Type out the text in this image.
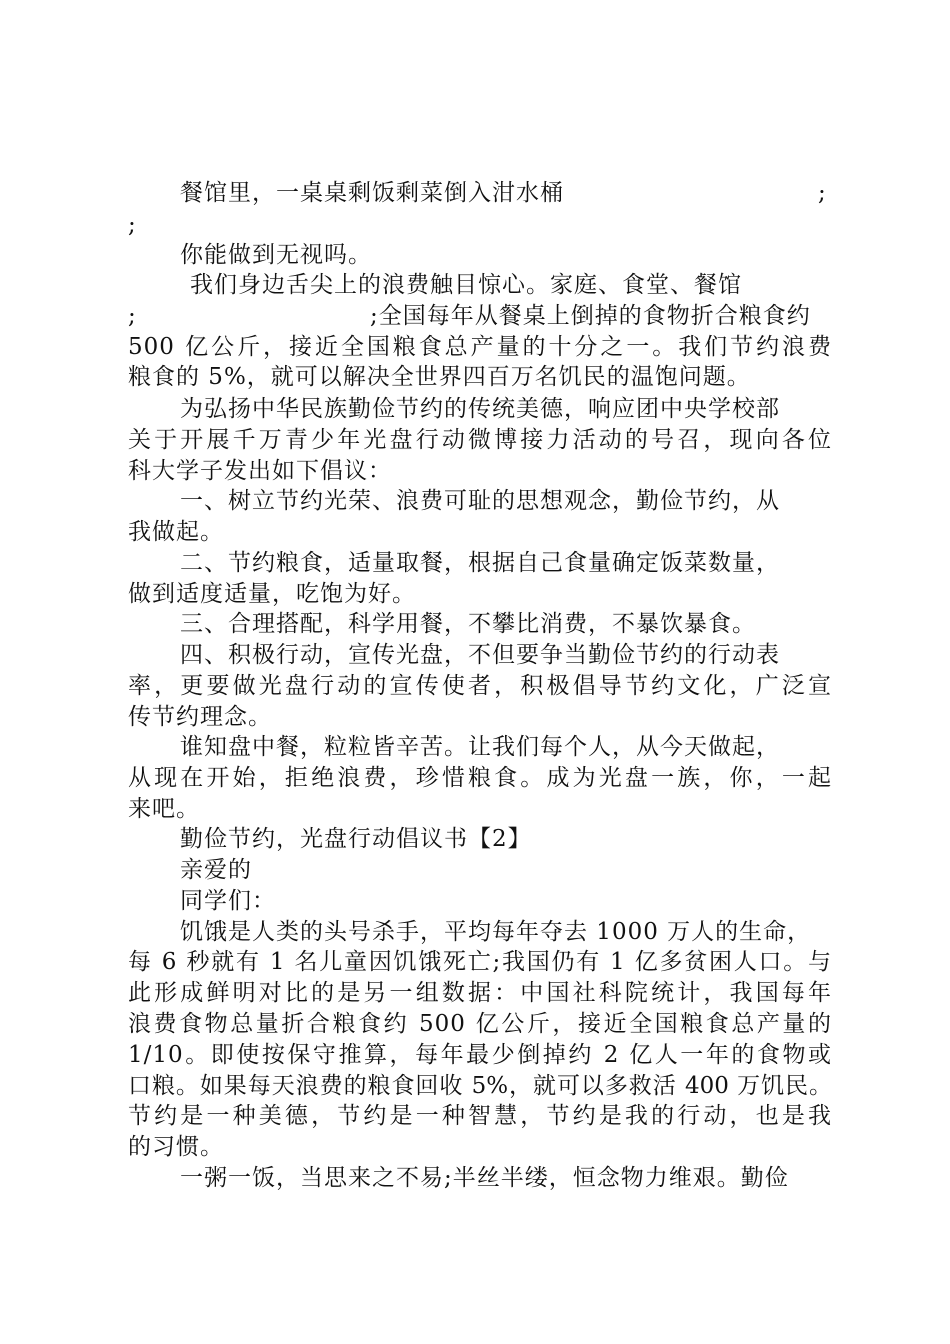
餐馆里，一桌桌剩饭剩菜倒入泔水桶	;
;
你能做到无视吗。
我们身边舌尖上的浪费触目惊心。家庭、食堂、餐馆
;	;全国每年从餐桌上倒掉的食物折合粮食约
500 亿公斤，接近全国粮食总产量的十分之一。我们节约浪费
粮食的 5%，就可以解决全世界四百万名饥民的温饱问题。
为弘扬中华民族勤俭节约的传统美德，响应团中央学校部
关于开展千万青少年光盘行动微博接力活动的号召，现向各位
科大学子发出如下倡议：
一、树立节约光荣、浪费可耻的思想观念，勤俭节约，从
我做起。
二、节约粮食，适量取餐，根据自己食量确定饭菜数量，
做到适度适量，吃饱为好。
三、合理搭配，科学用餐，不攀比消费，不暴饮暴食。
四、积极行动，宣传光盘，不但要争当勤俭节约的行动表
率，更要做光盘行动的宣传使者，积极倡导节约文化，广泛宣
传节约理念。
谁知盘中餐，粒粒皆辛苦。让我们每个人，从今天做起，
从现在开始，拒绝浪费，珍惜粮食。成为光盘一族，你，一起
来吧。
勤俭节约，光盘行动倡议书【2】
亲爱的
同学们：
饥饿是人类的头号杀手，平均每年夺去 1000 万人的生命，
每 6 秒就有 1 名儿童因饥饿死亡;我国仍有 1 亿多贫困人口。与
此形成鲜明对比的是另一组数据：中国社科院统计，我国每年
浪费食物总量折合粮食约 500 亿公斤，接近全国粮食总产量的
1/10。即使按保守推算，每年最少倒掉约 2 亿人一年的食物或
口粮。如果每天浪费的粮食回收 5%，就可以多救活 400 万饥民。
节约是一种美德，节约是一种智慧，节约是我的行动，也是我
的习惯。
一粥一饭，当思来之不易;半丝半缕，恒念物力维艰。勤俭
